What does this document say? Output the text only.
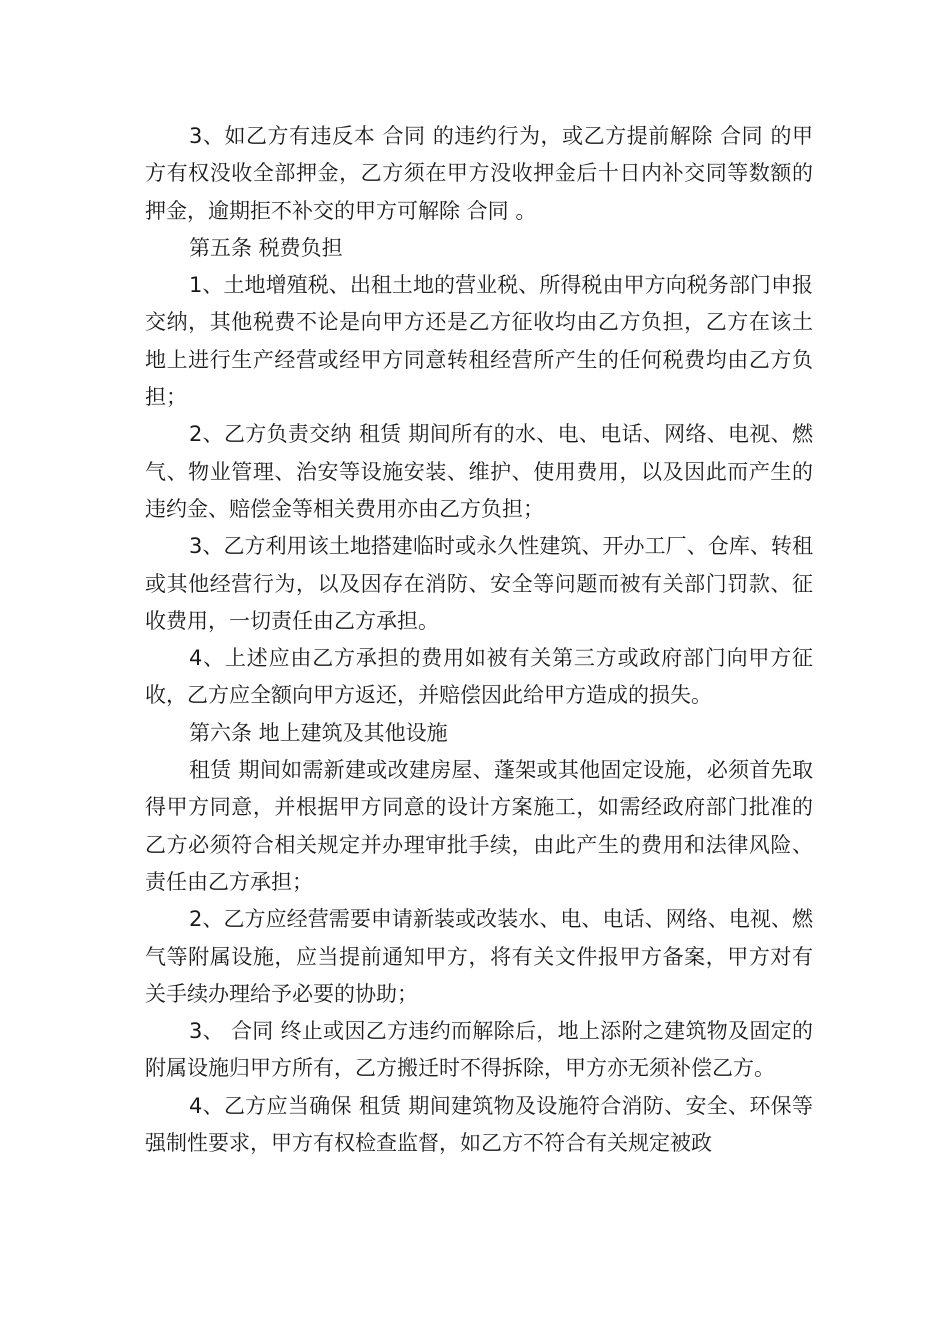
3、如乙方有违反本 合同 的违约行为，或乙方提前解除 合同 的甲方有权没收全部押金，乙方须在甲方没收押金后十日内补交同等数额的押金，逾期拒不补交的甲方可解除 合同 。

第五条 税费负担

1、土地增殖税、出租土地的营业税、所得税由甲方向税务部门申报交纳，其他税费不论是向甲方还是乙方征收均由乙方负担，乙方在该土地上进行生产经营或经甲方同意转租经营所产生的任何税费均由乙方负担；

2、乙方负责交纳 租赁 期间所有的水、电、电话、网络、电视、燃气、物业管理、治安等设施安装、维护、使用费用，以及因此而产生的违约金、赔偿金等相关费用亦由乙方负担；

3、乙方利用该土地搭建临时或永久性建筑、开办工厂、仓库、转租或其他经营行为，以及因存在消防、安全等问题而被有关部门罚款、征收费用，一切责任由乙方承担。

4、上述应由乙方承担的费用如被有关第三方或政府部门向甲方征收，乙方应全额向甲方返还，并赔偿因此给甲方造成的损失。

第六条 地上建筑及其他设施

租赁 期间如需新建或改建房屋、蓬架或其他固定设施，必须首先取得甲方同意，并根据甲方同意的设计方案施工，如需经政府部门批准的乙方必须符合相关规定并办理审批手续，由此产生的费用和法律风险、责任由乙方承担；

2、乙方应经营需要申请新装或改装水、电、电话、网络、电视、燃气等附属设施，应当提前通知甲方，将有关文件报甲方备案，甲方对有关手续办理给予必要的协助；

3、 合同 终止或因乙方违约而解除后，地上添附之建筑物及固定的附属设施归甲方所有，乙方搬迁时不得拆除，甲方亦无须补偿乙方。

4、乙方应当确保 租赁 期间建筑物及设施符合消防、安全、环保等强制性要求，甲方有权检查监督，如乙方不符合有关规定被政
